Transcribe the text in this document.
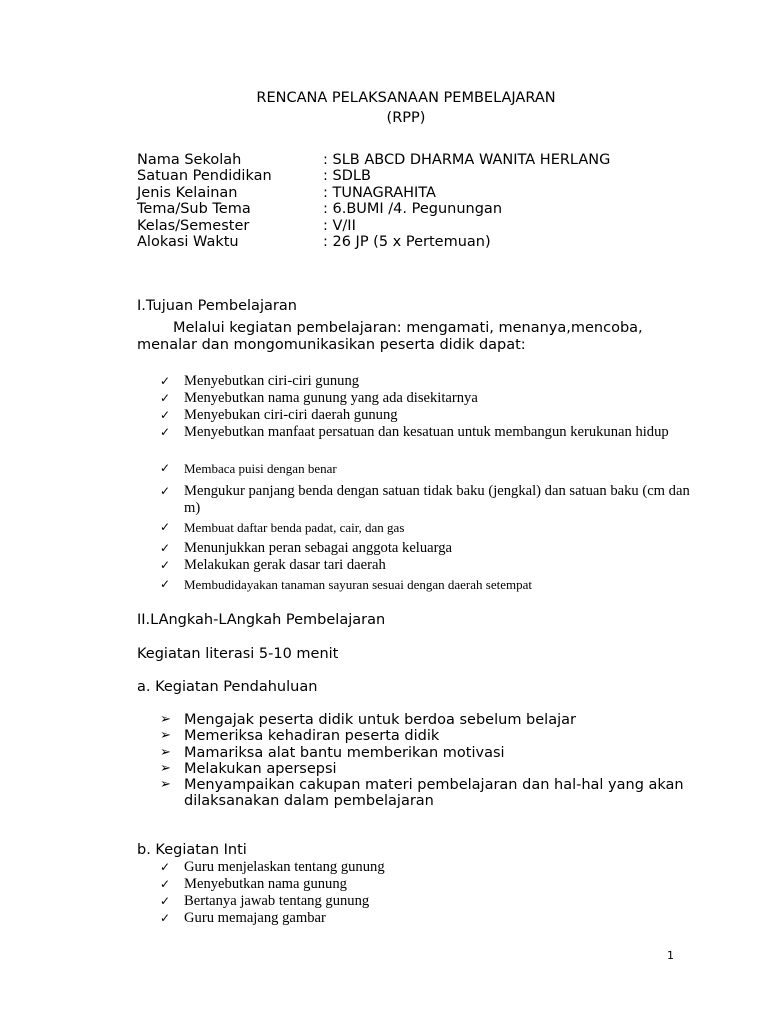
RENCANA PELAKSANAAN PEMBELAJARAN
(RPP)
Nama Sekolah	: SLB ABCD DHARMA WANITA HERLANG
Satuan Pendidikan	: SDLB
Jenis Kelainan	: TUNAGRAHITA
Tema/Sub Tema	: 6.BUMI /4. Pegunungan
Kelas/Semester	: V/II
Alokasi Waktu	: 26 JP (5 x Pertemuan)
I.Tujuan Pembelajaran
Melalui kegiatan pembelajaran: mengamati, menanya,mencoba,
menalar dan mongomunikasikan peserta didik dapat:
✓ Menyebutkan ciri-ciri gunung
✓ Menyebutkan nama gunung yang ada disekitarnya
✓ Menyebukan ciri-ciri daerah gunung
✓ Menyebutkan manfaat persatuan dan kesatuan untuk membangun kerukunan hidup
✓ Membaca puisi dengan benar
✓ Mengukur panjang benda dengan satuan tidak baku (jengkal) dan satuan baku (cm dan m)
✓ Membuat daftar benda padat, cair, dan gas
✓ Menunjukkan peran sebagai anggota keluarga
✓ Melakukan gerak dasar tari daerah
✓ Membudidayakan tanaman sayuran sesuai dengan daerah setempat
II.LAngkah-LAngkah Pembelajaran
Kegiatan literasi 5-10 menit
a. Kegiatan Pendahuluan
➢ Mengajak peserta didik untuk berdoa sebelum belajar
➢ Memeriksa kehadiran peserta didik
➢ Mamariksa alat bantu memberikan motivasi
➢ Melakukan apersepsi
➢ Menyampaikan cakupan materi pembelajaran dan hal-hal yang akan dilaksanakan dalam pembelajaran
b. Kegiatan Inti
✓ Guru menjelaskan tentang gunung
✓ Menyebutkan nama gunung
✓ Bertanya jawab tentang gunung
✓ Guru memajang gambar
1
